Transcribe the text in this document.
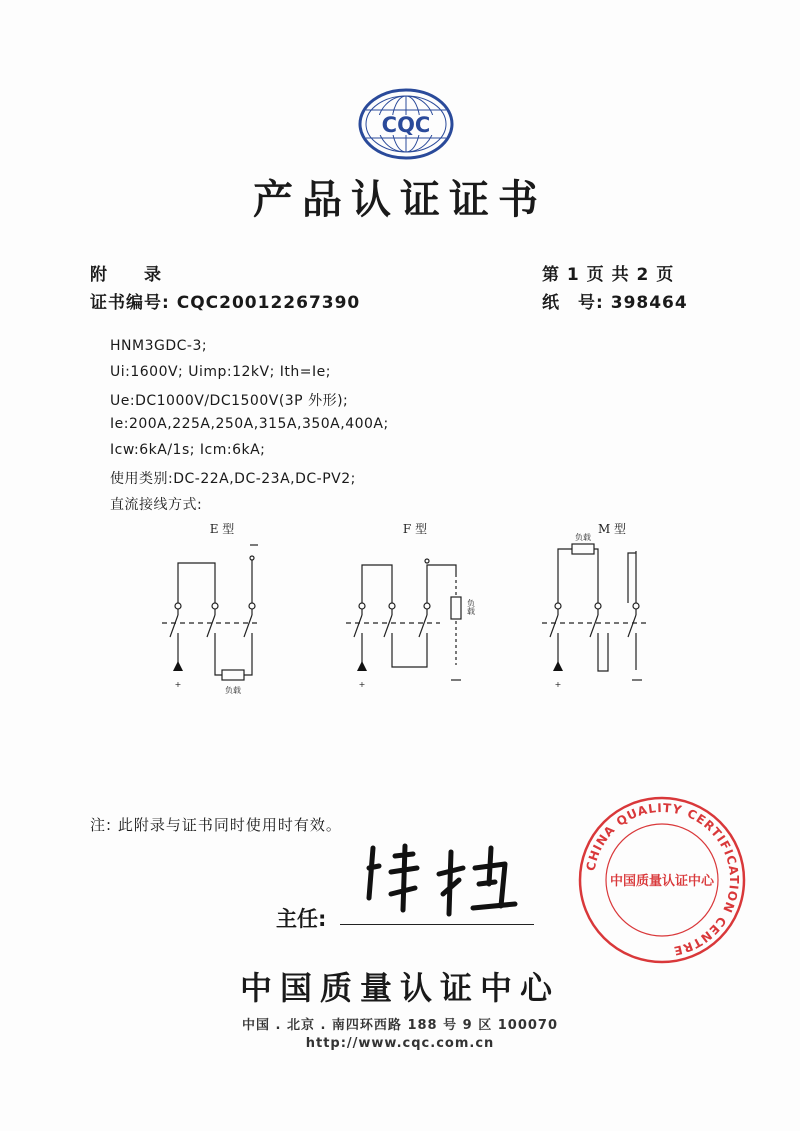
CQC
产品认证证书
附　　录	第 1 页 共 2 页
证书编号: CQC20012267390	纸　号: 398464
HNM3GDC-3;
Ui:1600V; Uimp:12kV; Ith=Ie;
Ue:DC1000V/DC1500V(3P 外形);
Ie:200A,225A,250A,315A,350A,400A;
Icw:6kA/1s; Icm:6kA;
使用类别:DC-22A,DC-23A,DC-PV2;
直流接线方式:
E 型	F 型	M 型
+	+	+
负载
负载
负载
注: 此附录与证书同时使用时有效。
主任:
CHINA QUALITY CERTIFICATION CENTRE
中国质量认证中心
中国质量认证中心
中国 . 北京 . 南四环西路 188 号 9 区 100070
http://www.cqc.com.cn
